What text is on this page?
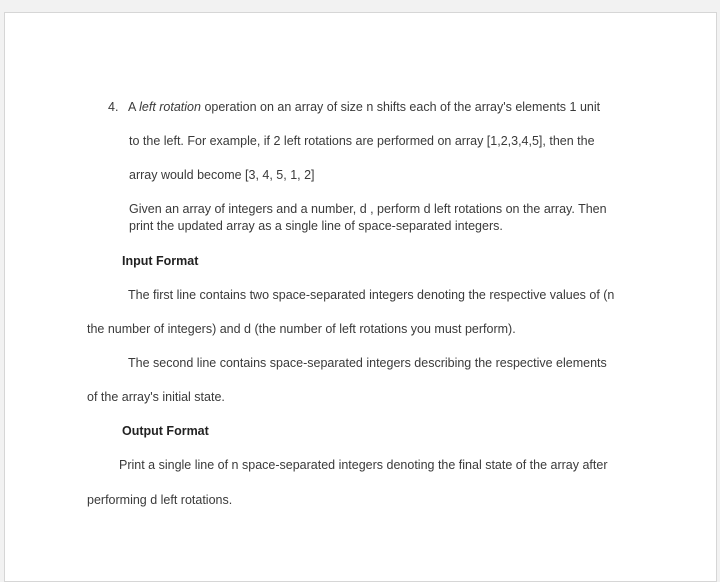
4. A left rotation operation on an array of size n shifts each of the array's elements 1 unit
to the left. For example, if 2 left rotations are performed on array [1,2,3,4,5], then the
array would become [3, 4, 5, 1, 2]
Given an array of integers and a number, d , perform d left rotations on the array. Then
print the updated array as a single line of space-separated integers.
Input Format
The first line contains two space-separated integers denoting the respective values of (n
the number of integers) and d (the number of left rotations you must perform).
The second line contains space-separated integers describing the respective elements
of the array's initial state.
Output Format
Print a single line of n space-separated integers denoting the final state of the array after
performing d left rotations.
